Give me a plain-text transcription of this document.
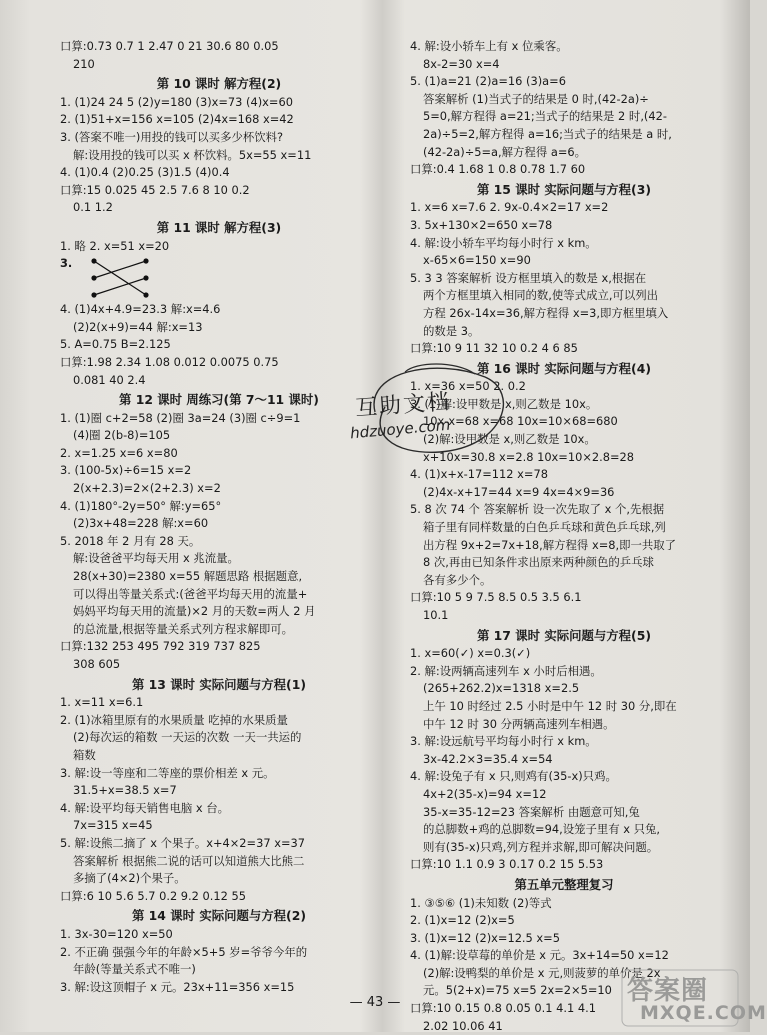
口算:0.73 0.7 1 2.47 0 21 30.6 80 0.05
210
第 10 课时 解方程(2)
1. (1)24 24 5 (2)y=180 (3)x=73 (4)x=60
2. (1)51+x=156 x=105 (2)4x=168 x=42
3. (答案不唯一)用投的钱可以买多少杯饮料?
解:设用投的钱可以买 x 杯饮料。5x=55 x=11
4. (1)0.4 (2)0.25 (3)1.5 (4)0.4
口算:15 0.025 45 2.5 7.6 8 10 0.2
0.1 1.2
第 11 课时 解方程(3)
1. 略 2. x=51 x=20
3.
4. (1)4x+4.9=23.3 解:x=4.6
(2)2(x+9)=44 解:x=13
5. A=0.75 B=2.125
口算:1.98 2.34 1.08 0.012 0.0075 0.75
0.081 40 2.4
第 12 课时 周练习(第 7～11 课时)
1. (1)圈 c+2=58 (2)圈 3a=24 (3)圈 c÷9=1
(4)圈 2(b-8)=105
2. x=1.25 x=6 x=80
3. (100-5x)÷6=15 x=2
2(x+2.3)=2×(2+2.3) x=2
4. (1)180°-2y=50° 解:y=65°
(2)3x+48=228 解:x=60
5. 2018 年 2 月有 28 天。
解:设爸爸平均每天用 x 兆流量。
28(x+30)=2380 x=55 解题思路 根据题意,
可以得出等量关系式:(爸爸平均每天用的流量+
妈妈平均每天用的流量)×2 月的天数=两人 2 月
的总流量,根据等量关系式列方程求解即可。
口算:132 253 495 792 319 737 825
308 605
第 13 课时 实际问题与方程(1)
1. x=11 x=6.1
2. (1)冰箱里原有的水果质量 吃掉的水果质量
(2)每次运的箱数 一天运的次数 一天一共运的
箱数
3. 解:设一等座和二等座的票价相差 x 元。
31.5+x=38.5 x=7
4. 解:设平均每天销售电脑 x 台。
7x=315 x=45
5. 解:设熊二摘了 x 个果子。x+4×2=37 x=37
答案解析 根据熊二说的话可以知道熊大比熊二
多摘了(4×2)个果子。
口算:6 10 5.6 5.7 0.2 9.2 0.12 55
第 14 课时 实际问题与方程(2)
1. 3x-30=120 x=50
2. 不正确 强强今年的年龄×5+5 岁=爷爷今年的
年龄(等量关系式不唯一)
3. 解:设这顶帽子 x 元。23x+11=356 x=15
4. 解:设小轿车上有 x 位乘客。
8x-2=30 x=4
5. (1)a=21 (2)a=16 (3)a=6
答案解析 (1)当式子的结果是 0 时,(42-2a)÷
5=0,解方程得 a=21;当式子的结果是 2 时,(42-
2a)÷5=2,解方程得 a=16;当式子的结果是 a 时,
(42-2a)÷5=a,解方程得 a=6。
口算:0.4 1.68 1 0.8 0.78 1.7 60
第 15 课时 实际问题与方程(3)
1. x=6 x=7.6 2. 9x-0.4×2=17 x=2
3. 5x+130×2=650 x=78
4. 解:设小轿车平均每小时行 x km。
x-65×6=150 x=90
5. 3 3 答案解析 设方框里填入的数是 x,根据在
两个方框里填入相同的数,使等式成立,可以列出
方程 26x-14x=36,解方程得 x=3,即方框里填入
的数是 3。
口算:10 9 11 32 10 0.2 4 6 85
第 16 课时 实际问题与方程(4)
1. x=36 x=50 2. 0.2
3. (1)解:设甲数是 x,则乙数是 10x。
10x-x=68 x=68 10x=10×68=680
(2)解:设甲数是 x,则乙数是 10x。
x+10x=30.8 x=2.8 10x=10×2.8=28
4. (1)x+x-17=112 x=78
(2)4x-x+17=44 x=9 4x=4×9=36
5. 8 次 74 个 答案解析 设一次先取了 x 个,先根据
箱子里有同样数量的白色乒乓球和黄色乒乓球,列
出方程 9x+2=7x+18,解方程得 x=8,即一共取了
8 次,再由已知条件求出原来两种颜色的乒乓球
各有多少个。
口算:10 5 9 7.5 8.5 0.5 3.5 6.1
10.1
第 17 课时 实际问题与方程(5)
1. x=60(✓) x=0.3(✓)
2. 解:设两辆高速列车 x 小时后相遇。
(265+262.2)x=1318 x=2.5
上午 10 时经过 2.5 小时是中午 12 时 30 分,即在
中午 12 时 30 分两辆高速列车相遇。
3. 解:设远航号平均每小时行 x km。
3x-42.2×3=35.4 x=54
4. 解:设兔子有 x 只,则鸡有(35-x)只鸡。
4x+2(35-x)=94 x=12
35-x=35-12=23 答案解析 由题意可知,兔
的总脚数+鸡的总脚数=94,设笼子里有 x 只兔,
则有(35-x)只鸡,列方程并求解,即可解决问题。
口算:10 1.1 0.9 3 0.17 0.2 15 5.53
第五单元整理复习
1. ③⑤⑥ (1)未知数 (2)等式
2. (1)x=12 (2)x=5
3. (1)x=12 (2)x=12.5 x=5
4. (1)解:设草莓的单价是 x 元。3x+14=50 x=12
(2)解:设鸭梨的单价是 x 元,则菠萝的单价是 2x
元。5(2+x)=75 x=5 2x=2×5=10
口算:10 0.15 0.8 0.05 0.1 4.1 4.1
2.02 10.06 41
互助文档
hdzuoye.com
— 43 —	答案圈
MXQE.COM
